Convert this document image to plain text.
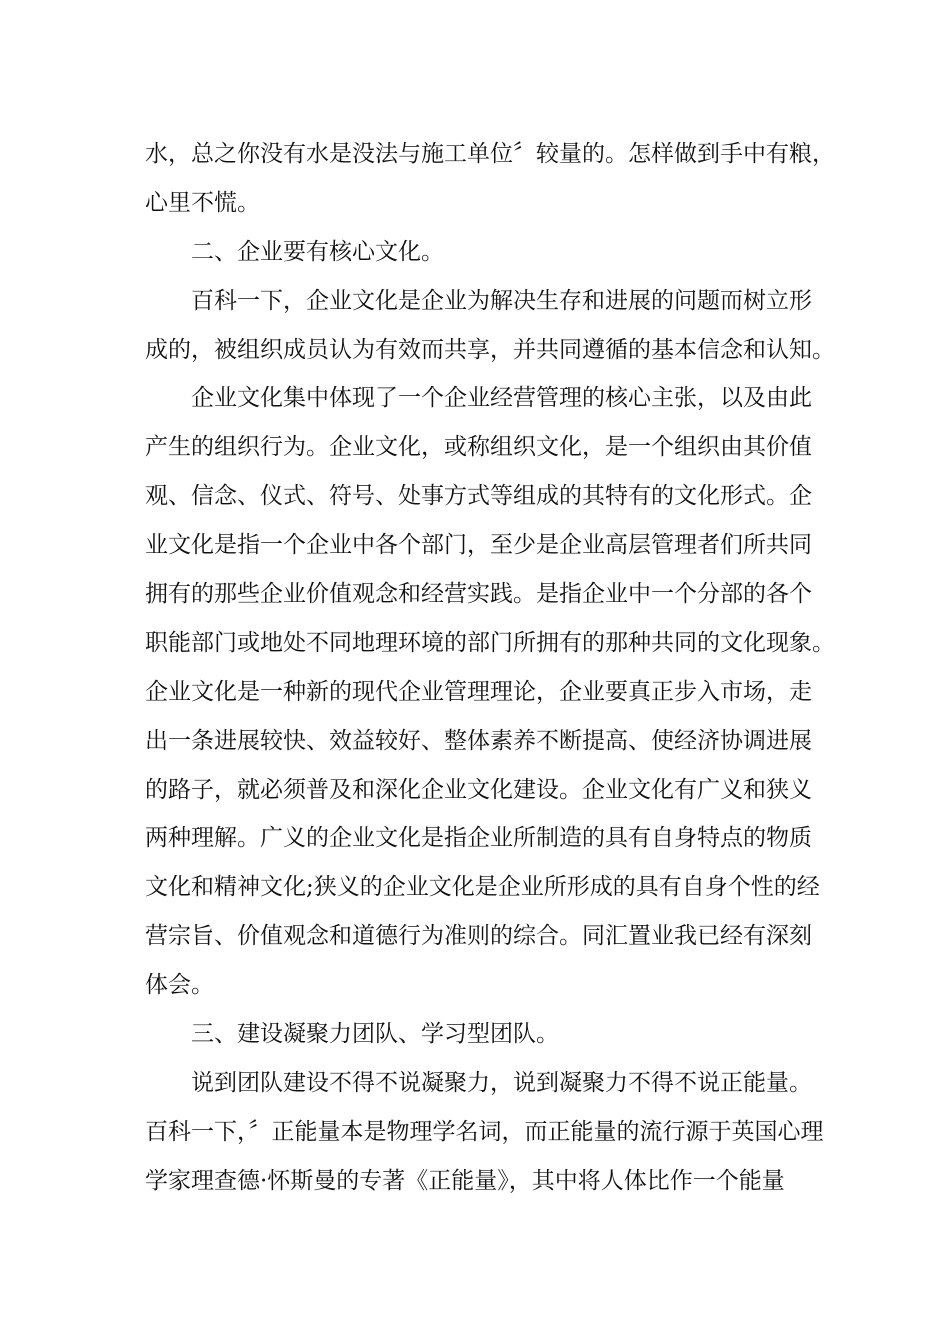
水，总之你没有水是没法与施工单位〞较量的。怎样做到手中有粮，
心里不慌。
二、企业要有核心文化。
百科一下，企业文化是企业为解决生存和进展的问题而树立形
成的，被组织成员认为有效而共享，并共同遵循的基本信念和认知。
企业文化集中体现了一个企业经营管理的核心主张，以及由此
产生的组织行为。企业文化，或称组织文化，是一个组织由其价值
观、信念、仪式、符号、处事方式等组成的其特有的文化形式。企
业文化是指一个企业中各个部门，至少是企业高层管理者们所共同
拥有的那些企业价值观念和经营实践。是指企业中一个分部的各个
职能部门或地处不同地理环境的部门所拥有的那种共同的文化现象。
企业文化是一种新的现代企业管理理论，企业要真正步入市场，走
出一条进展较快、效益较好、整体素养不断提高、使经济协调进展
的路子，就必须普及和深化企业文化建设。企业文化有广义和狭义
两种理解。广义的企业文化是指企业所制造的具有自身特点的物质
文化和精神文化;狭义的企业文化是企业所形成的具有自身个性的经
营宗旨、价值观念和道德行为准则的综合。同汇置业我已经有深刻
体会。
三、建设凝聚力团队、学习型团队。
说到团队建设不得不说凝聚力，说到凝聚力不得不说正能量。
百科一下，〞正能量本是物理学名词，而正能量的流行源于英国心理
学家理查德·怀斯曼的专著《正能量》，其中将人体比作一个能量
